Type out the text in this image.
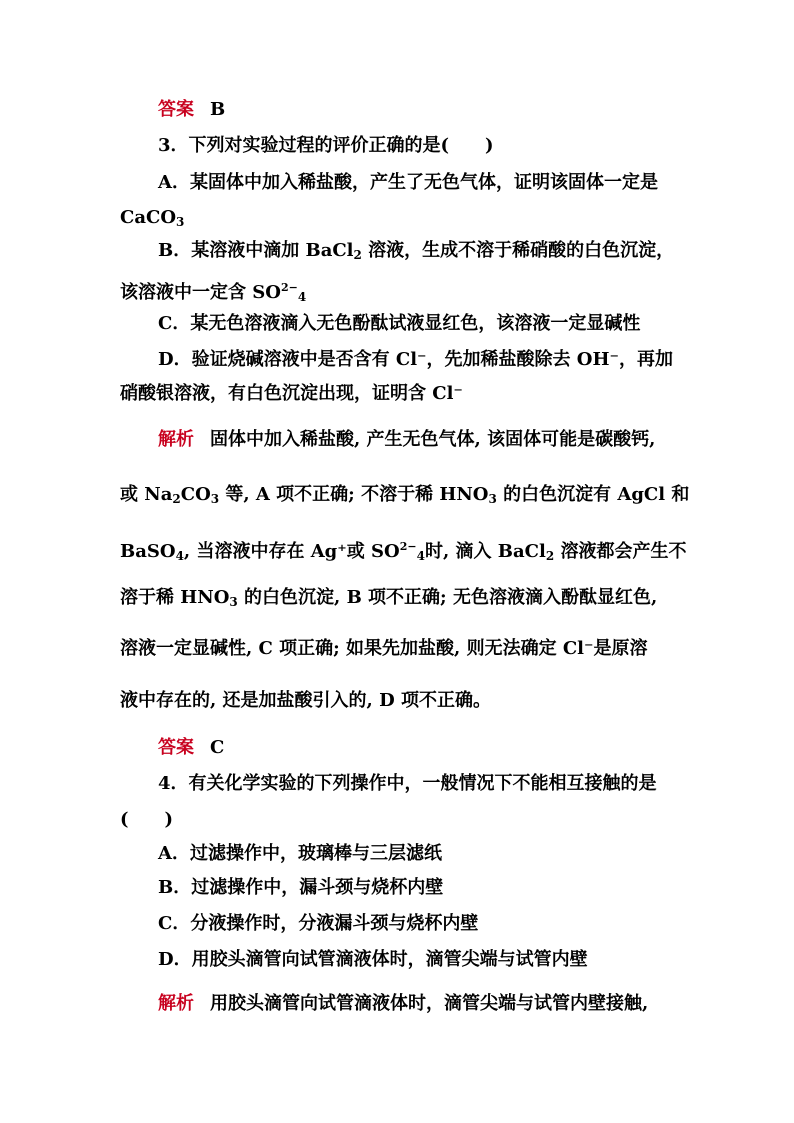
答案 B
3．下列对实验过程的评价正确的是(　　)
A．某固体中加入稀盐酸，产生了无色气体，证明该固体一定是
CaCO$_3$
B．某溶液中滴加 BaCl$_2$ 溶液，生成不溶于稀硝酸的白色沉淀，
该溶液中一定含 $SO^{2-}_4$
C．某无色溶液滴入无色酚酞试液显红色，该溶液一定显碱性
D．验证烧碱溶液中是否含有 Cl⁻，先加稀盐酸除去 OH⁻，再加
硝酸银溶液，有白色沉淀出现，证明含 Cl⁻
解析 固体中加入稀盐酸, 产生无色气体, 该固体可能是碳酸钙,
或 $Na_2CO_3$ 等, A 项不正确; 不溶于稀 $HNO_3$ 的白色沉淀有 AgCl 和
BaSO$_4$, 当溶液中存在 Ag⁺或 $SO^{2-}_4$时, 滴入 BaCl$_2$ 溶液都会产生不
溶于稀 $HNO_3$ 的白色沉淀, B 项不正确; 无色溶液滴入酚酞显红色,
溶液一定显碱性, C 项正确; 如果先加盐酸, 则无法确定 Cl⁻是原溶
液中存在的, 还是加盐酸引入的, D 项不正确。
答案 C
4．有关化学实验的下列操作中，一般情况下不能相互接触的是
(　　)
A．过滤操作中，玻璃棒与三层滤纸
B．过滤操作中，漏斗颈与烧杯内壁
C．分液操作时，分液漏斗颈与烧杯内壁
D．用胶头滴管向试管滴液体时，滴管尖端与试管内壁
解析 用胶头滴管向试管滴液体时，滴管尖端与试管内壁接触,
